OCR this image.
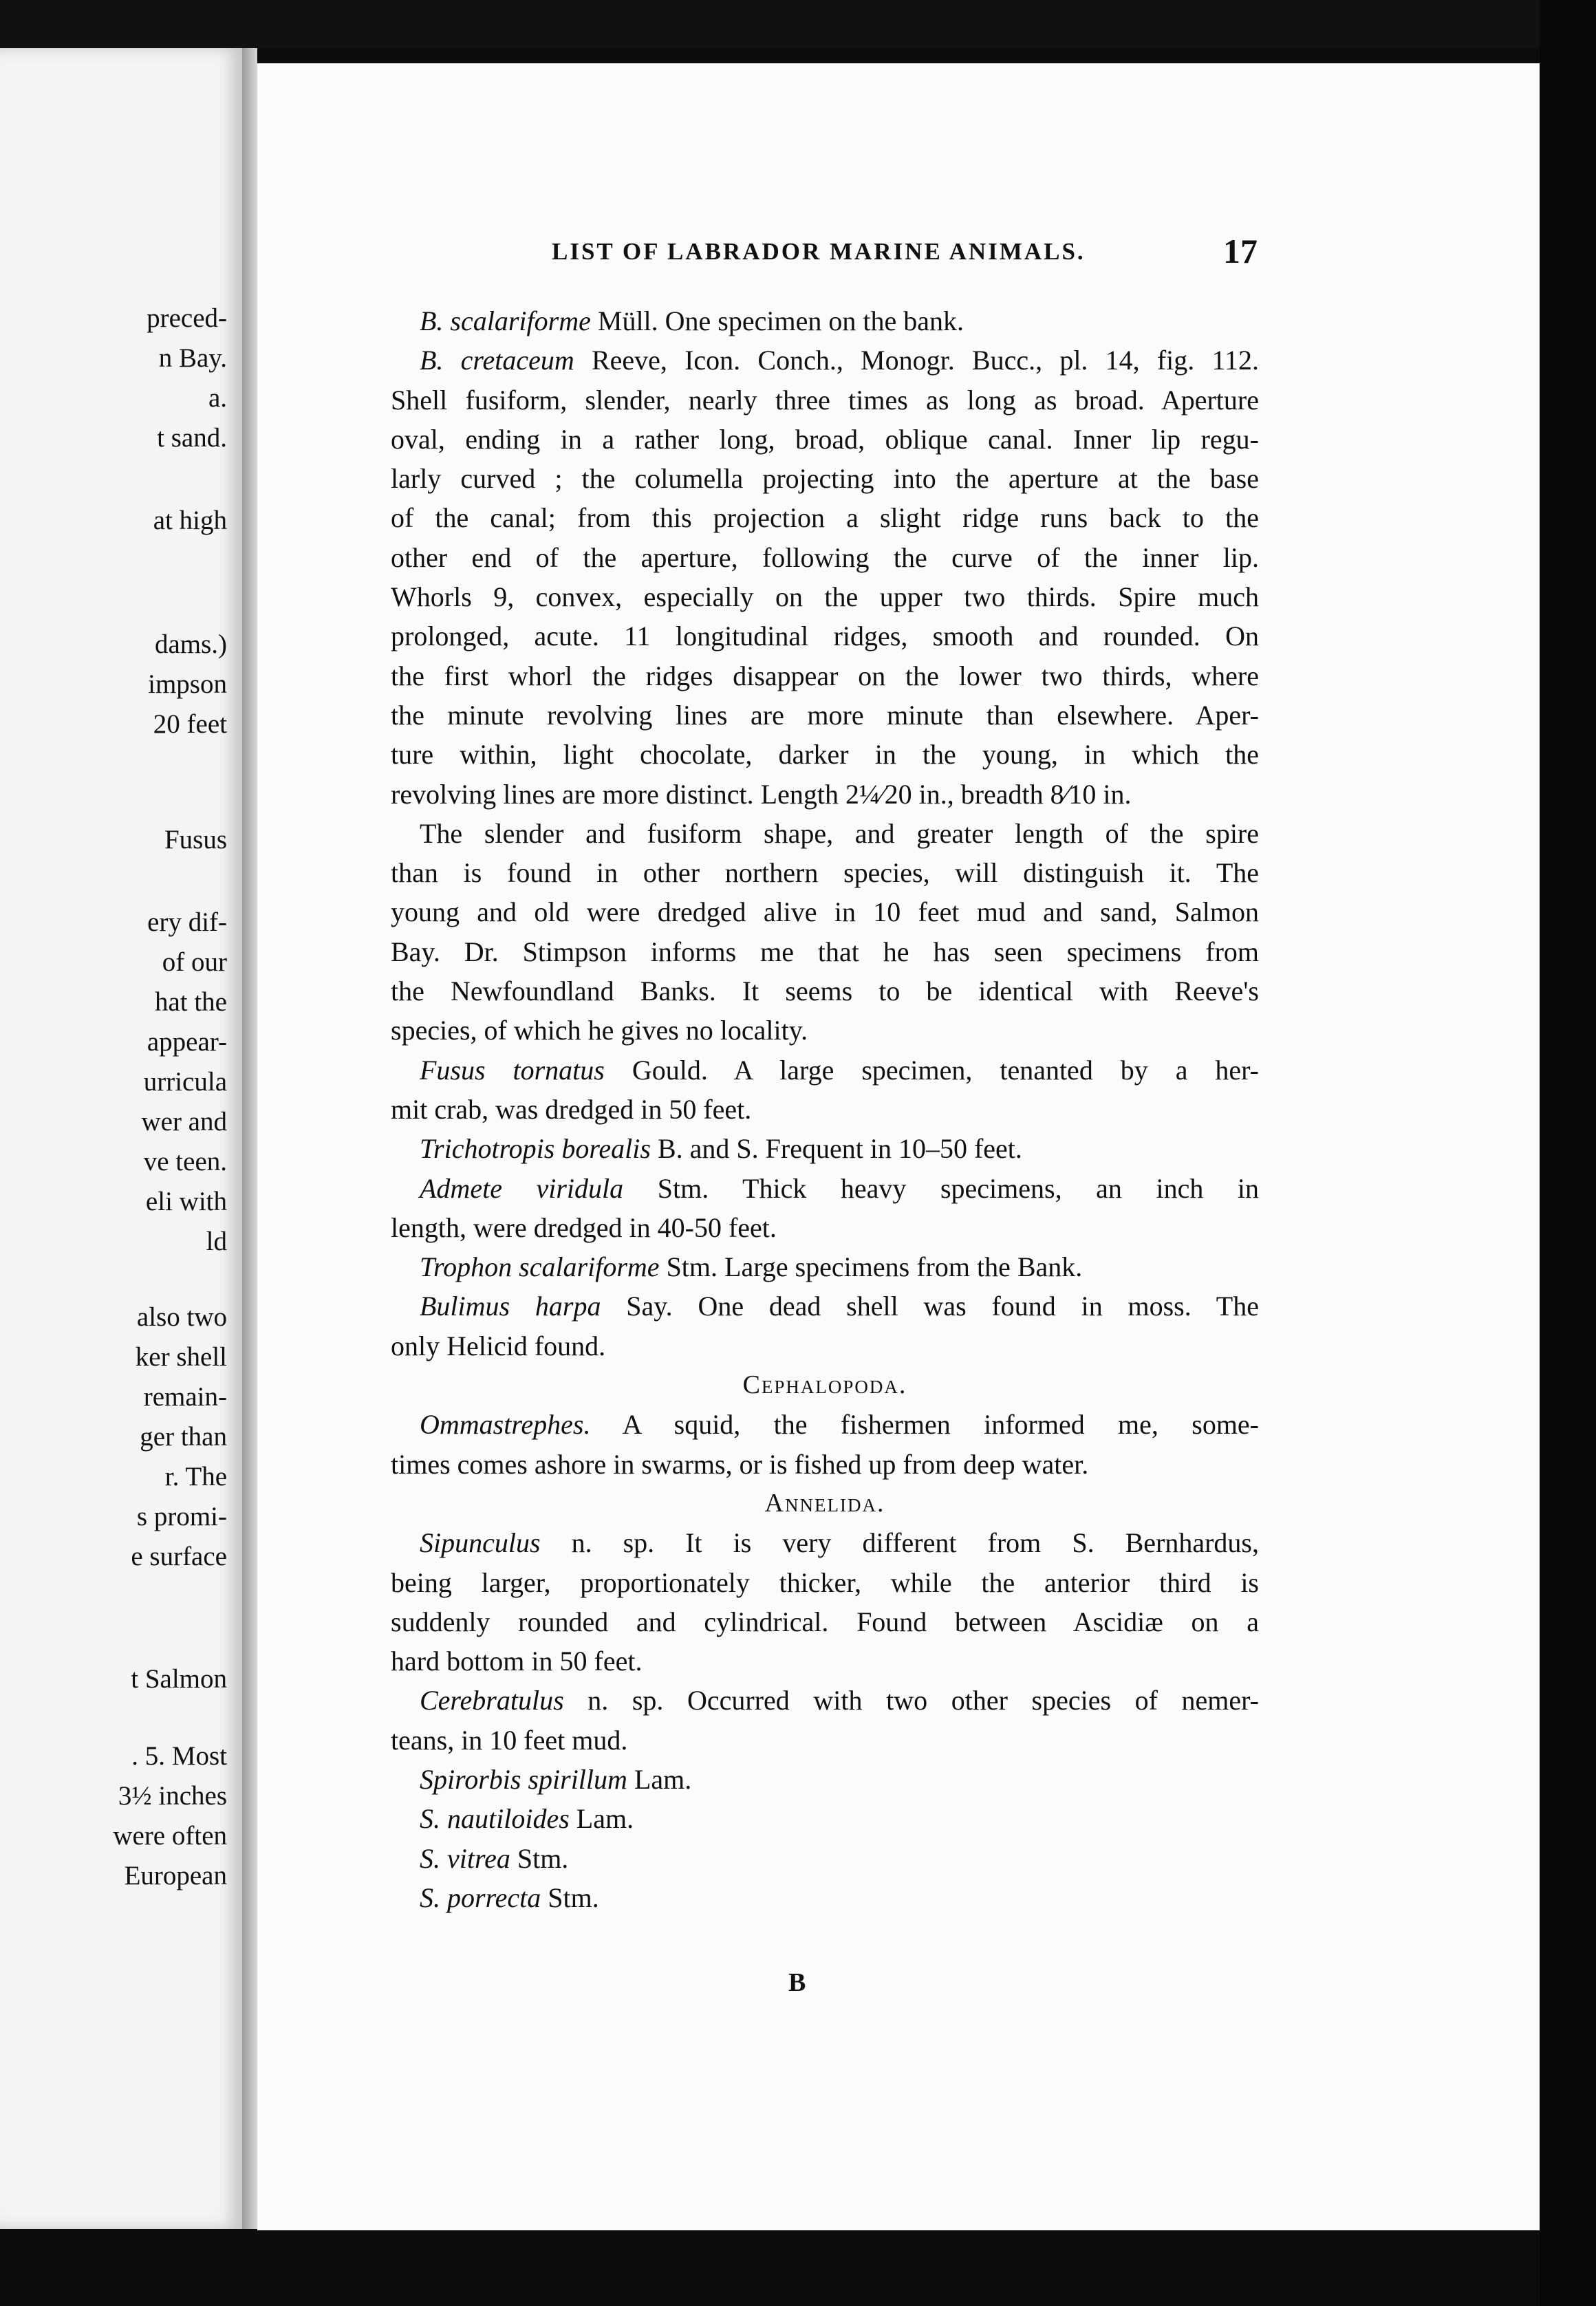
preced-
n Bay.
a.
t sand.
at high
dams.)
impson
20 feet
Fusus
ery dif-
of our
hat the
appear-
urricula
wer and
ve teen.
eli with
ld
also two
ker shell
remain-
ger than
r. The
s promi-
e surface
t Salmon
. 5. Most
3½ inches
were often
European
LIST OF LABRADOR MARINE ANIMALS.	17
B. scalariforme Müll. One specimen on the bank.
B. cretaceum Reeve, Icon. Conch., Monogr. Bucc., pl. 14, fig. 112.
Shell fusiform, slender, nearly three times as long as broad. Aperture
oval, ending in a rather long, broad, oblique canal. Inner lip regu-
larly curved ; the columella projecting into the aperture at the base
of the canal; from this projection a slight ridge runs back to the
other end of the aperture, following the curve of the inner lip.
Whorls 9, convex, especially on the upper two thirds. Spire much
prolonged, acute. 11 longitudinal ridges, smooth and rounded. On
the first whorl the ridges disappear on the lower two thirds, where
the minute revolving lines are more minute than elsewhere. Aper-
ture within, light chocolate, darker in the young, in which the
revolving lines are more distinct. Length 2¼⁄20 in., breadth 8⁄10 in.
The slender and fusiform shape, and greater length of the spire
than is found in other northern species, will distinguish it. The
young and old were dredged alive in 10 feet mud and sand, Salmon
Bay. Dr. Stimpson informs me that he has seen specimens from
the Newfoundland Banks. It seems to be identical with Reeve's
species, of which he gives no locality.
Fusus tornatus Gould. A large specimen, tenanted by a her-
mit crab, was dredged in 50 feet.
Trichotropis borealis B. and S. Frequent in 10–50 feet.
Admete viridula Stm. Thick heavy specimens, an inch in
length, were dredged in 40-50 feet.
Trophon scalariforme Stm. Large specimens from the Bank.
Bulimus harpa Say. One dead shell was found in moss. The
only Helicid found.
Cephalopoda.
Ommastrephes. A squid, the fishermen informed me, some-
times comes ashore in swarms, or is fished up from deep water.
Annelida.
Sipunculus n. sp. It is very different from S. Bernhardus,
being larger, proportionately thicker, while the anterior third is
suddenly rounded and cylindrical. Found between Ascidiæ on a
hard bottom in 50 feet.
Cerebratulus n. sp. Occurred with two other species of nemer-
teans, in 10 feet mud.
Spirorbis spirillum Lam.
S. nautiloides Lam.
S. vitrea Stm.
S. porrecta Stm.
B
